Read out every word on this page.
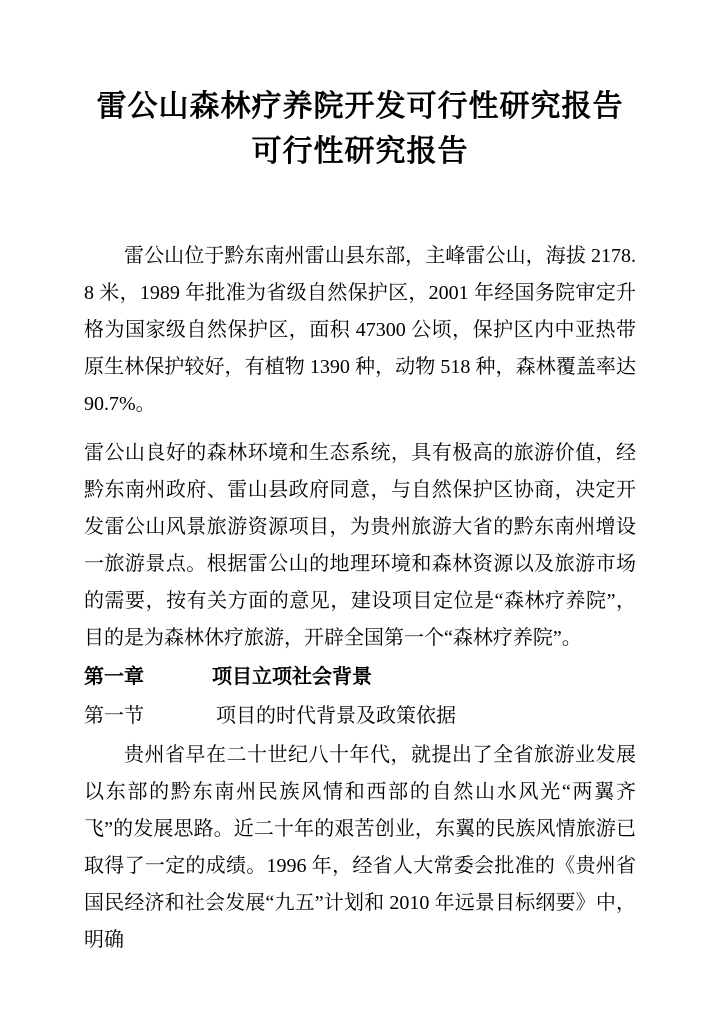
雷公山森林疗养院开发可行性研究报告
可行性研究报告

雷公山位于黔东南州雷山县东部，主峰雷公山，海拔 2178.8 米，1989 年批准为省级自然保护区，2001 年经国务院审定升格为国家级自然保护区，面积 47300 公顷，保护区内中亚热带原生林保护较好，有植物 1390 种，动物 518 种，森林覆盖率达 90.7%。

雷公山良好的森林环境和生态系统，具有极高的旅游价值，经黔东南州政府、雷山县政府同意，与自然保护区协商，决定开发雷公山风景旅游资源项目，为贵州旅游大省的黔东南州增设一旅游景点。根据雷公山的地理环境和森林资源以及旅游市场的需要，按有关方面的意见，建设项目定位是“森林疗养院”，目的是为森林休疗旅游，开辟全国第一个“森林疗养院”。

第一章	项目立项社会背景
第一节	项目的时代背景及政策依据

贵州省早在二十世纪八十年代，就提出了全省旅游业发展以东部的黔东南州民族风情和西部的自然山水风光“两翼齐飞”的发展思路。近二十年的艰苦创业，东翼的民族风情旅游已取得了一定的成绩。1996 年，经省人大常委会批准的《贵州省国民经济和社会发展“九五”计划和 2010 年远景目标纲要》中，明确
